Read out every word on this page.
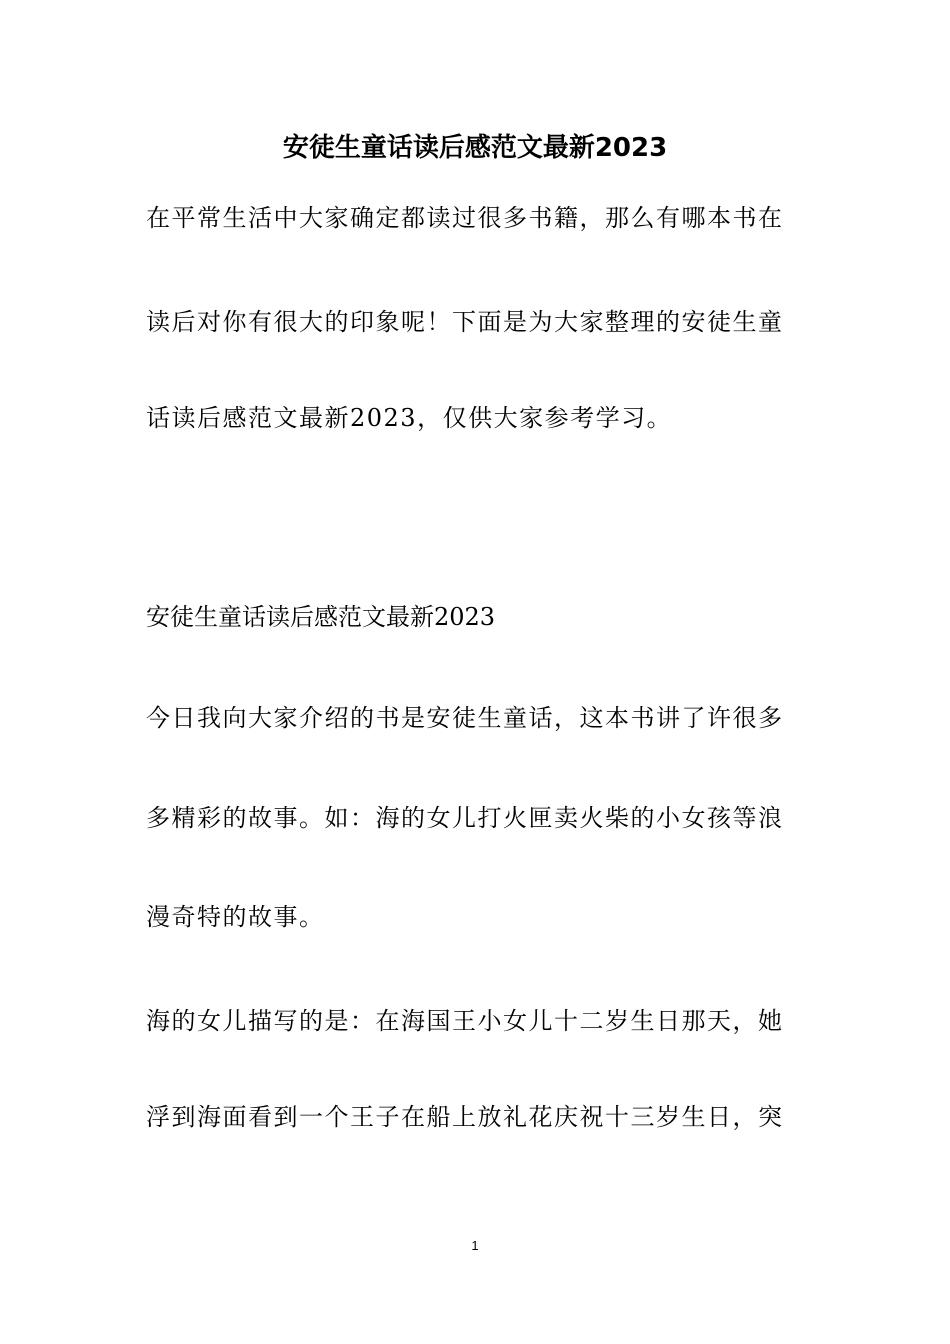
安徒生童话读后感范文最新2023
在平常生活中大家确定都读过很多书籍，那么有哪本书在
读后对你有很大的印象呢！下面是为大家整理的安徒生童
话读后感范文最新2023，仅供大家参考学习。
安徒生童话读后感范文最新2023
今日我向大家介绍的书是安徒生童话，这本书讲了许很多
多精彩的故事。如：海的女儿打火匣卖火柴的小女孩等浪
漫奇特的故事。
海的女儿描写的是：在海国王小女儿十二岁生日那天，她
浮到海面看到一个王子在船上放礼花庆祝十三岁生日，突
1
